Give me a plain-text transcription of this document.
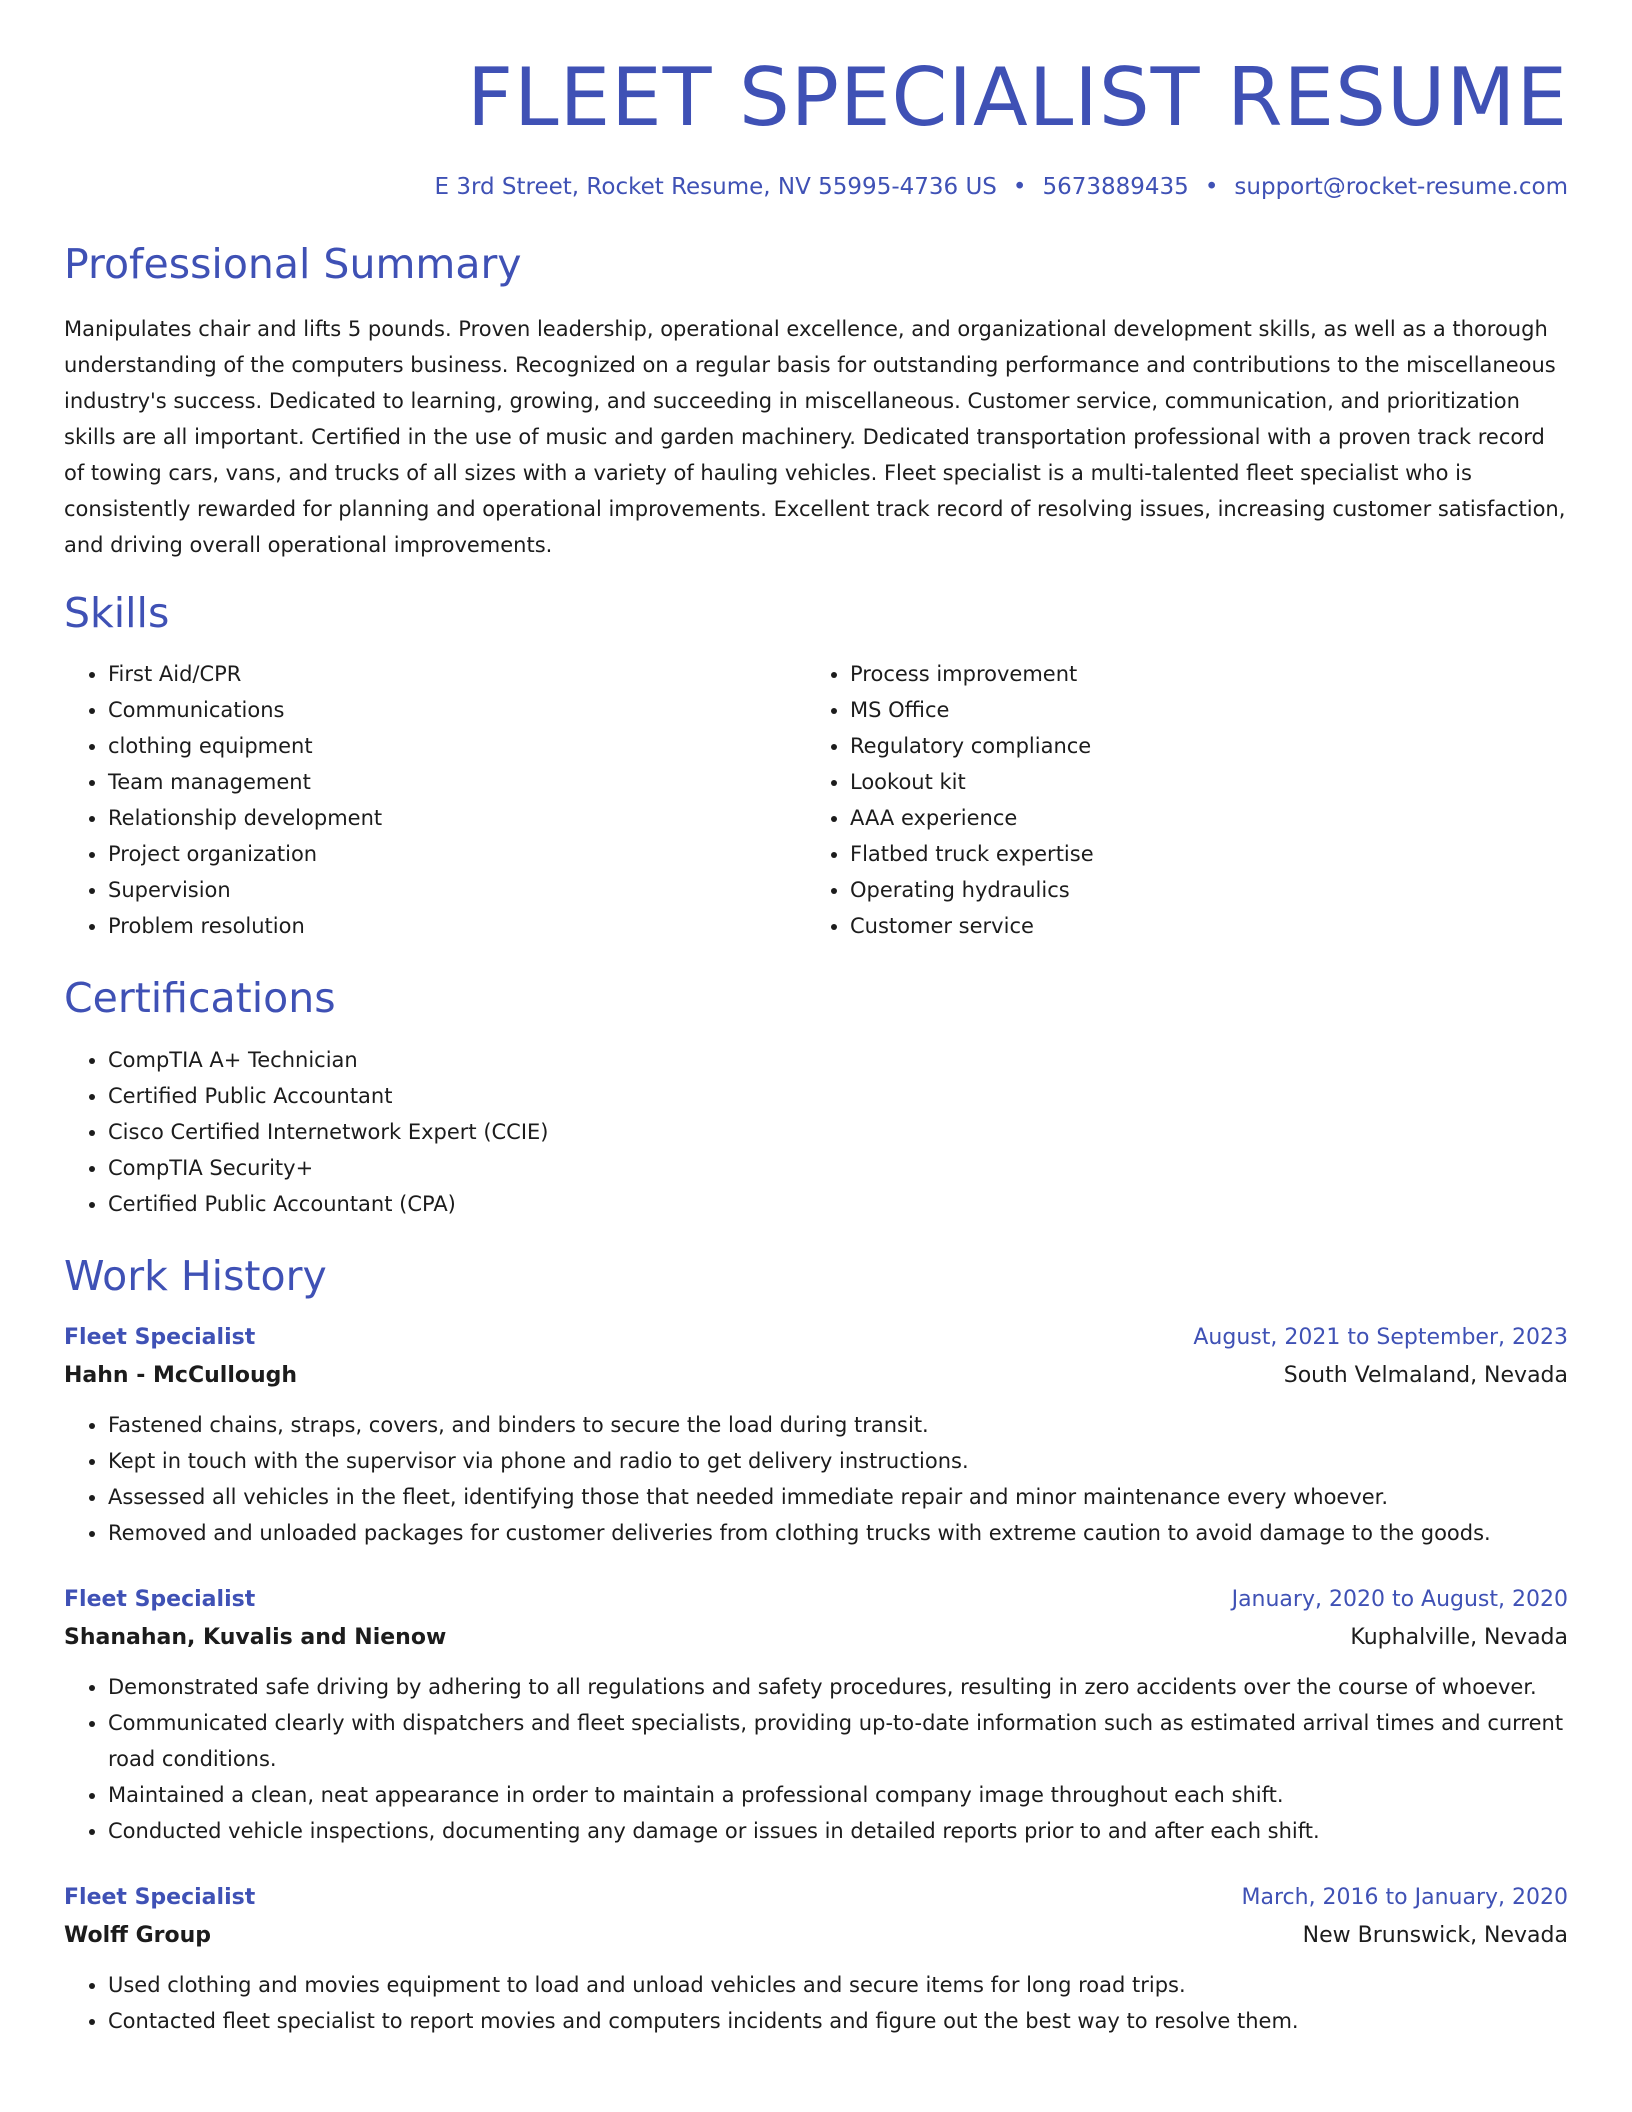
FLEET SPECIALIST RESUME
E 3rd Street, Rocket Resume, NV 55995-4736 US • 5673889435 • support@rocket-resume.com
Professional Summary

Manipulates chair and lifts 5 pounds. Proven leadership, operational excellence, and organizational development skills, as well as a thorough understanding of the computers business. Recognized on a regular basis for outstanding performance and contributions to the miscellaneous industry's success. Dedicated to learning, growing, and succeeding in miscellaneous. Customer service, communication, and prioritization skills are all important. Certified in the use of music and garden machinery. Dedicated transportation professional with a proven track record of towing cars, vans, and trucks of all sizes with a variety of hauling vehicles. Fleet specialist is a multi-talented fleet specialist who is consistently rewarded for planning and operational improvements. Excellent track record of resolving issues, increasing customer satisfaction, and driving overall operational improvements.

Skills
• First Aid/CPR
• Communications
• clothing equipment
• Team management
• Relationship development
• Project organization
• Supervision
• Problem resolution
• Process improvement
• MS Office
• Regulatory compliance
• Lookout kit
• AAA experience
• Flatbed truck expertise
• Operating hydraulics
• Customer service
Certifications
• CompTIA A+ Technician
• Certified Public Accountant
• Cisco Certified Internetwork Expert (CCIE)
• CompTIA Security+
• Certified Public Accountant (CPA)
Work History
Fleet Specialist	August, 2021 to September, 2023
Hahn - McCullough	South Velmaland, Nevada
• Fastened chains, straps, covers, and binders to secure the load during transit.
• Kept in touch with the supervisor via phone and radio to get delivery instructions.
• Assessed all vehicles in the fleet, identifying those that needed immediate repair and minor maintenance every whoever.
• Removed and unloaded packages for customer deliveries from clothing trucks with extreme caution to avoid damage to the goods.
Fleet Specialist	January, 2020 to August, 2020
Shanahan, Kuvalis and Nienow	Kuphalville, Nevada
• Demonstrated safe driving by adhering to all regulations and safety procedures, resulting in zero accidents over the course of whoever.
• Communicated clearly with dispatchers and fleet specialists, providing up-to-date information such as estimated arrival times and current road conditions.
• Maintained a clean, neat appearance in order to maintain a professional company image throughout each shift.
• Conducted vehicle inspections, documenting any damage or issues in detailed reports prior to and after each shift.
Fleet Specialist	March, 2016 to January, 2020
Wolff Group	New Brunswick, Nevada
• Used clothing and movies equipment to load and unload vehicles and secure items for long road trips.
• Contacted fleet specialist to report movies and computers incidents and figure out the best way to resolve them.
